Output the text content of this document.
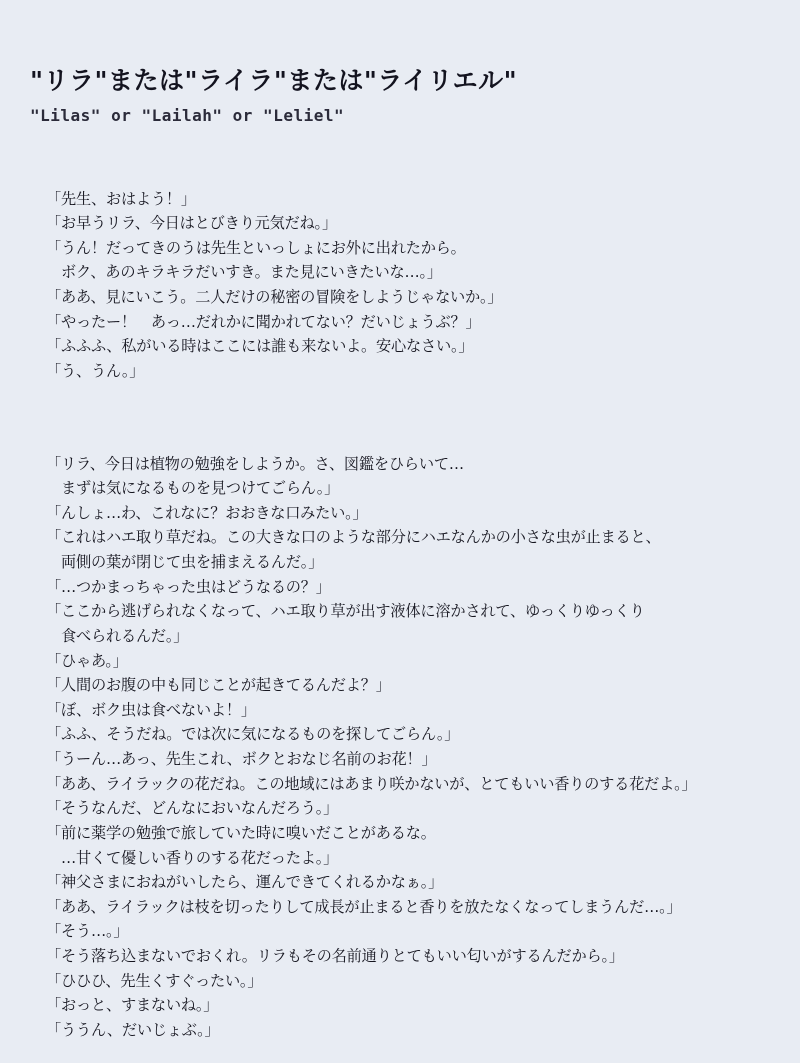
"リラ"または"ライラ"または"ライリエル"
"Lilas" or "Lailah" or "Leliel"
「先生、おはよう！」
「お早うリラ、今日はとびきり元気だね。」
「うん！だってきのうは先生といっしょにお外に出れたから。
ボク、あのキラキラだいすき。また見にいきたいな…。」
「ああ、見にいこう。二人だけの秘密の冒険をしようじゃないか。」
「やったー！　あっ…だれかに聞かれてない？だいじょうぶ？」
「ふふふ、私がいる時はここには誰も来ないよ。安心なさい。」
「う、うん。」
「リラ、今日は植物の勉強をしようか。さ、図鑑をひらいて…
まずは気になるものを見つけてごらん。」
「んしょ…わ、これなに？おおきな口みたい。」
「これはハエ取り草だね。この大きな口のような部分にハエなんかの小さな虫が止まると、
両側の葉が閉じて虫を捕まえるんだ。」
「…つかまっちゃった虫はどうなるの？」
「ここから逃げられなくなって、ハエ取り草が出す液体に溶かされて、ゆっくりゆっくり
食べられるんだ。」
「ひゃあ。」
「人間のお腹の中も同じことが起きてるんだよ？」
「ぼ、ボク虫は食べないよ！」
「ふふ、そうだね。では次に気になるものを探してごらん。」
「うーん…あっ、先生これ、ボクとおなじ名前のお花！」
「ああ、ライラックの花だね。この地域にはあまり咲かないが、とてもいい香りのする花だよ。」
「そうなんだ、どんなにおいなんだろう。」
「前に薬学の勉強で旅していた時に嗅いだことがあるな。
…甘くて優しい香りのする花だったよ。」
「神父さまにおねがいしたら、運んできてくれるかなぁ。」
「ああ、ライラックは枝を切ったりして成長が止まると香りを放たなくなってしまうんだ…。」
「そう…。」
「そう落ち込まないでおくれ。リラもその名前通りとてもいい匂いがするんだから。」
「ひひひ、先生くすぐったい。」
「おっと、すまないね。」
「ううん、だいじょぶ。」
